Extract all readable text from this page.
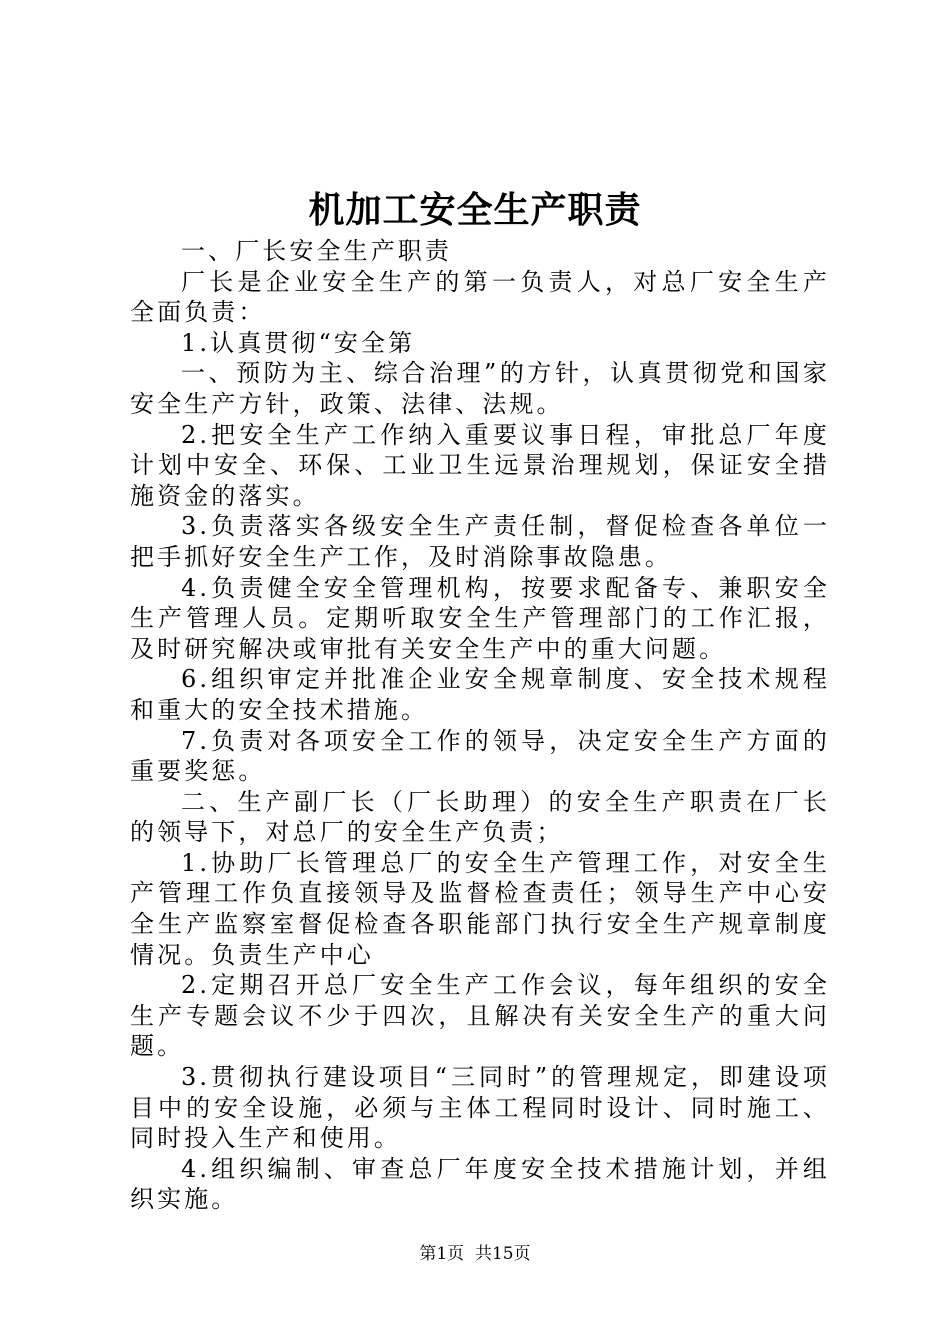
机加工安全生产职责

一、厂长安全生产职责

厂长是企业安全生产的第一负责人，对总厂安全生产全面负责：

1.认真贯彻“安全第

一、预防为主、综合治理”的方针，认真贯彻党和国家安全生产方针，政策、法律、法规。

2.把安全生产工作纳入重要议事日程，审批总厂年度计划中安全、环保、工业卫生远景治理规划，保证安全措施资金的落实。

3.负责落实各级安全生产责任制，督促检查各单位一把手抓好安全生产工作，及时消除事故隐患。

4.负责健全安全管理机构，按要求配备专、兼职安全生产管理人员。定期听取安全生产管理部门的工作汇报，及时研究解决或审批有关安全生产中的重大问题。

6.组织审定并批准企业安全规章制度、安全技术规程和重大的安全技术措施。

7.负责对各项安全工作的领导，决定安全生产方面的重要奖惩。

二、生产副厂长（厂长助理）的安全生产职责在厂长的领导下，对总厂的安全生产负责；

1.协助厂长管理总厂的安全生产管理工作，对安全生产管理工作负直接领导及监督检查责任；领导生产中心安全生产监察室督促检查各职能部门执行安全生产规章制度情况。负责生产中心

2.定期召开总厂安全生产工作会议，每年组织的安全生产专题会议不少于四次，且解决有关安全生产的重大问题。

3.贯彻执行建设项目“三同时”的管理规定，即建设项目中的安全设施，必须与主体工程同时设计、同时施工、同时投入生产和使用。

4.组织编制、审查总厂年度安全技术措施计划，并组织实施。

第1页  共15页
